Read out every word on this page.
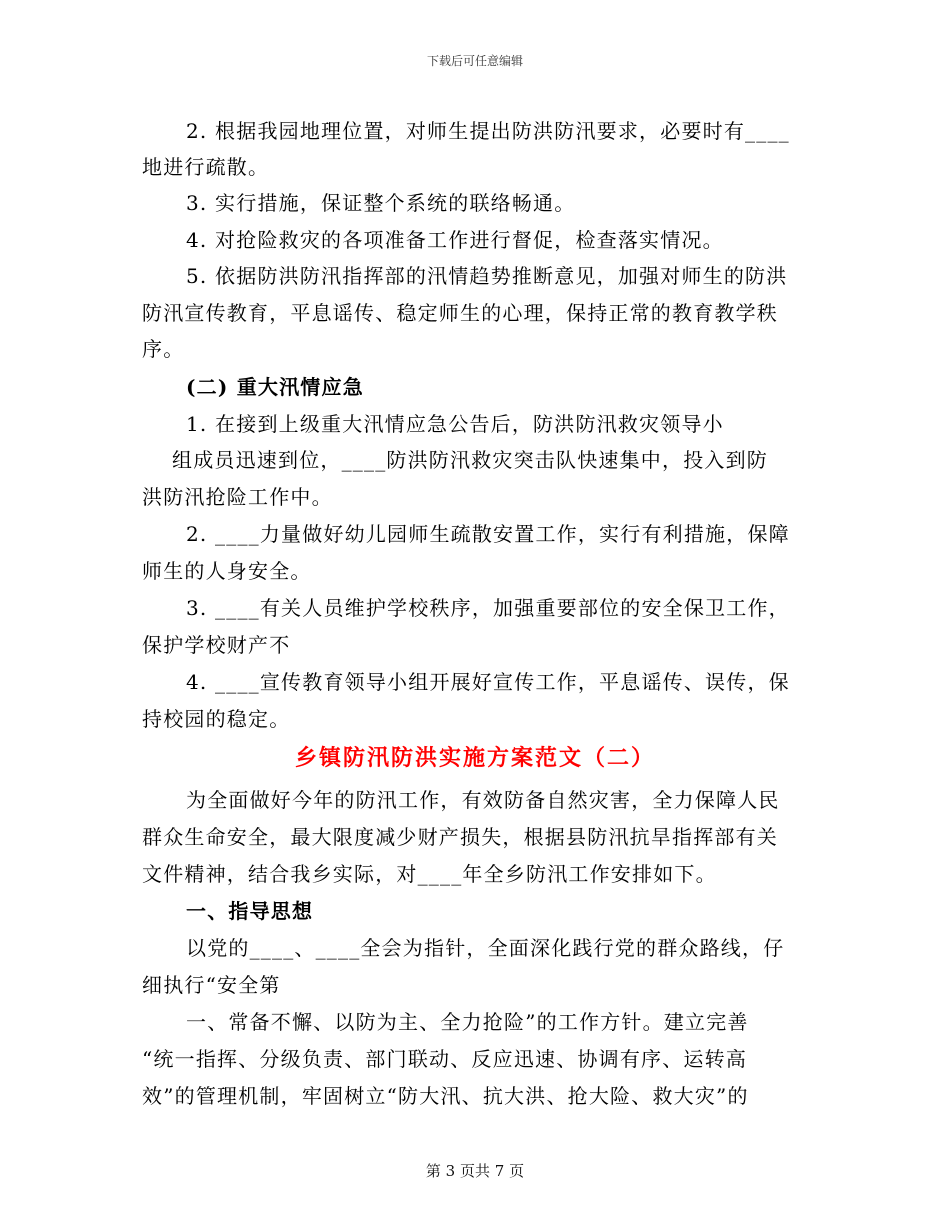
下载后可任意编辑
2. 根据我园地理位置，对师生提出防洪防汛要求，必要时有____
地进行疏散。
3. 实行措施，保证整个系统的联络畅通。
4. 对抢险救灾的各项准备工作进行督促，检查落实情况。
5. 依据防洪防汛指挥部的汛情趋势推断意见，加强对师生的防洪
防汛宣传教育，平息谣传、稳定师生的心理，保持正常的教育教学秩
序。
(二) 重大汛情应急
1. 在接到上级重大汛情应急公告后，防洪防汛救灾领导小
组成员迅速到位，____防洪防汛救灾突击队快速集中，投入到防
洪防汛抢险工作中。
2. ____力量做好幼儿园师生疏散安置工作，实行有利措施，保障
师生的人身安全。
3. ____有关人员维护学校秩序，加强重要部位的安全保卫工作，
保护学校财产不
4. ____宣传教育领导小组开展好宣传工作，平息谣传、误传，保
持校园的稳定。
乡镇防汛防洪实施方案范文（二）
为全面做好今年的防汛工作，有效防备自然灾害，全力保障人民
群众生命安全，最大限度减少财产损失，根据县防汛抗旱指挥部有关
文件精神，结合我乡实际，对____年全乡防汛工作安排如下。
一、指导思想
以党的____、____全会为指针，全面深化践行党的群众路线，仔
细执行“安全第
一、常备不懈、以防为主、全力抢险”的工作方针。建立完善
“统一指挥、分级负责、部门联动、反应迅速、协调有序、运转高
效”的管理机制，牢固树立“防大汛、抗大洪、抢大险、救大灾”的
第 3 页共 7 页
